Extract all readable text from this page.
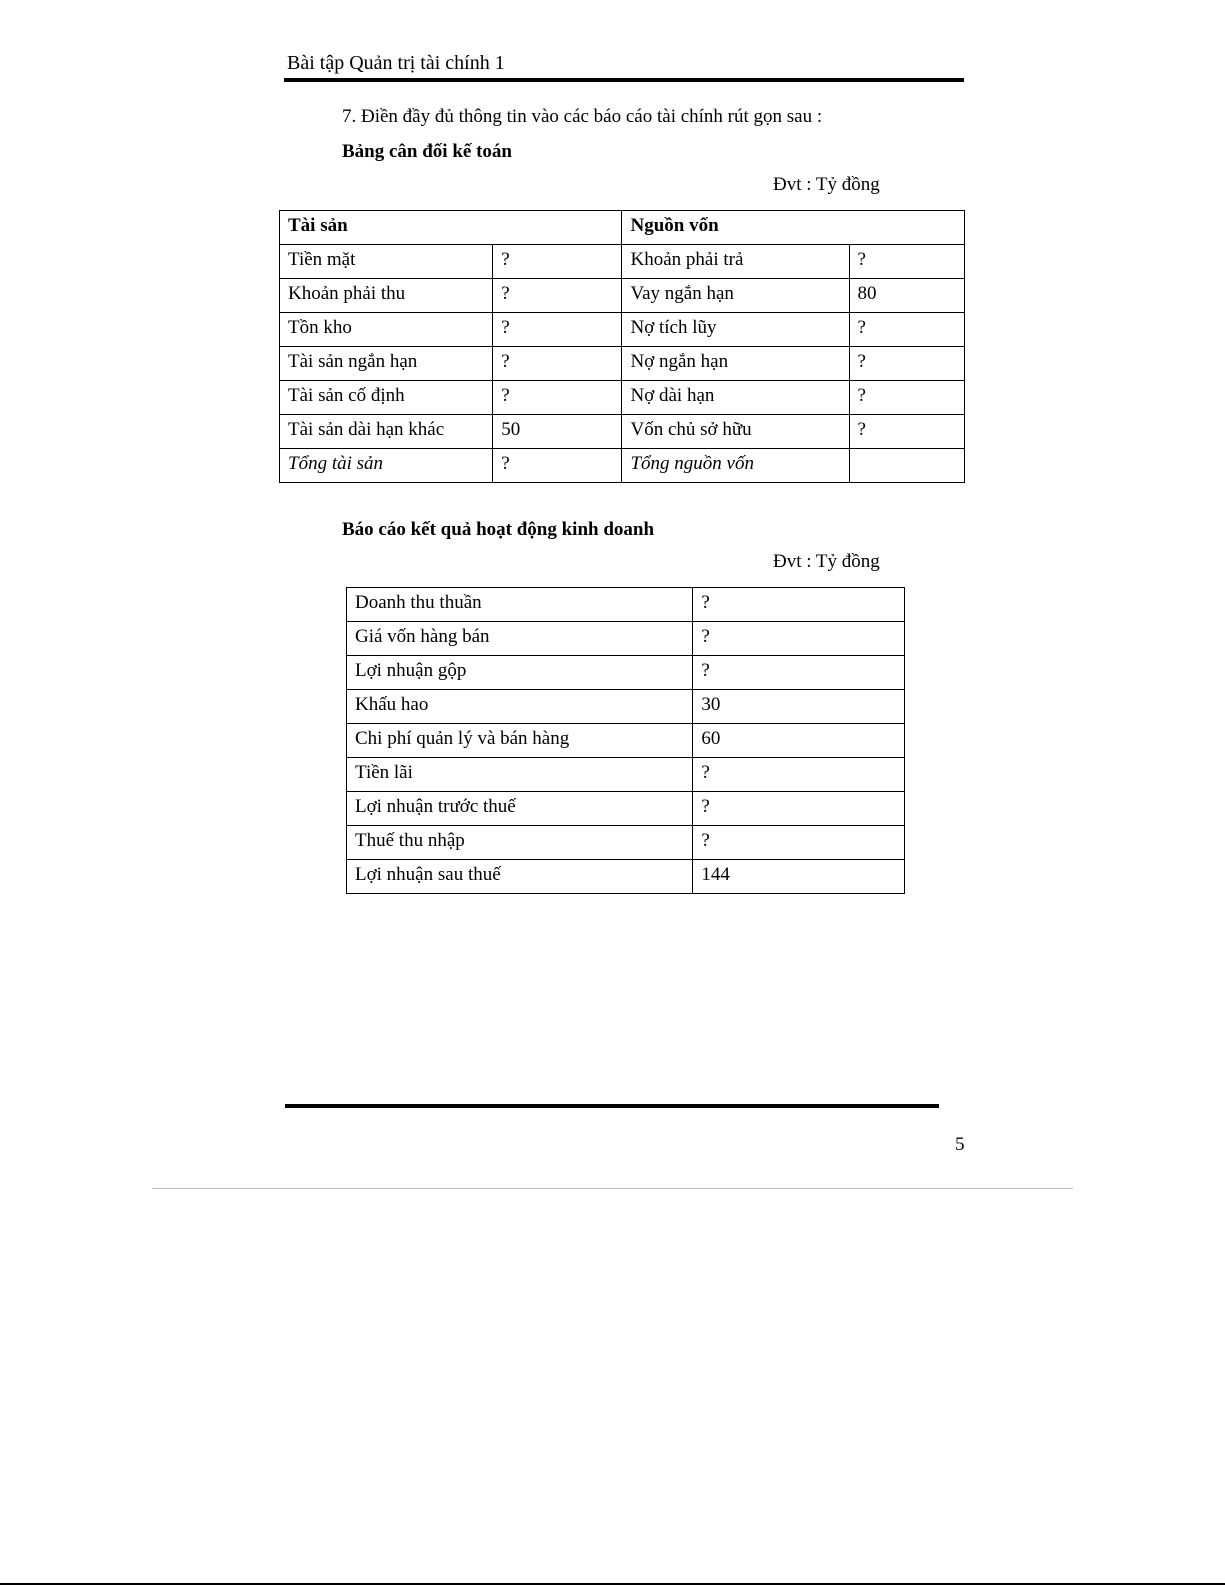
Bài tập Quản trị tài chính 1
7. Điền đầy đủ thông tin vào các báo cáo tài chính rút gọn sau :
Bảng cân đối kế toán
Đvt : Tỷ đồng
Tài sản		Nguồn vốn	
Tiền mặt	?	Khoản phải trả	?
Khoản phải thu	?	Vay ngắn hạn	80
Tồn kho	?	Nợ tích lũy	?
Tài sản ngắn hạn	?	Nợ ngắn hạn	?
Tài sản cố định	?	Nợ dài hạn	?
Tài sản dài hạn khác	50	Vốn chủ sở hữu	?
Tổng tài sản	?	Tổng nguồn vốn	
Báo cáo kết quả hoạt động kinh doanh
Đvt : Tỷ đồng
Doanh thu thuần	?
Giá vốn hàng bán	?
Lợi nhuận gộp	?
Khấu hao	30
Chi phí quản lý và bán hàng	60
Tiền lãi	?
Lợi nhuận trước thuế	?
Thuế thu nhập	?
Lợi nhuận sau thuế	144
5
